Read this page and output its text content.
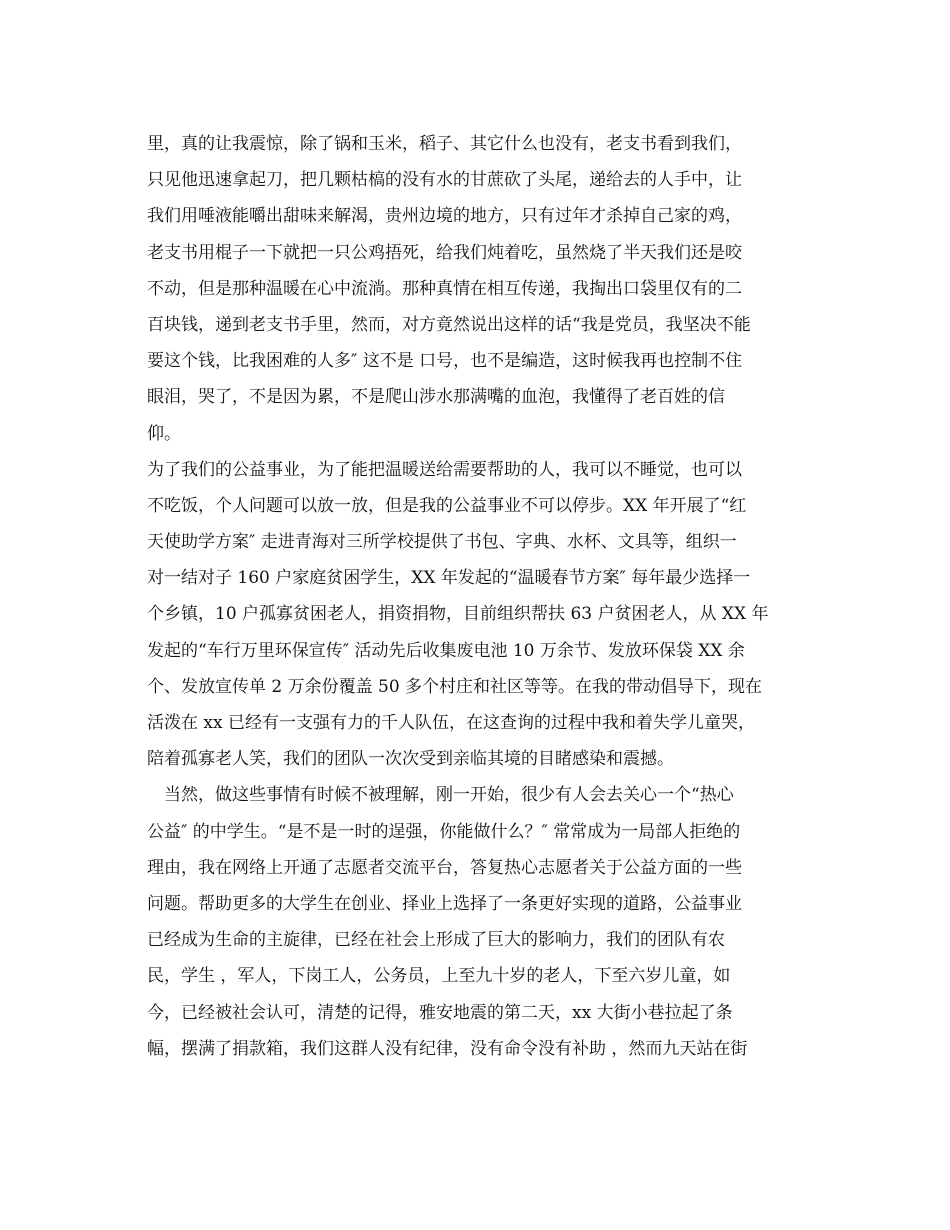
里，真的让我震惊，除了锅和玉米，稻子、其它什么也没有，老支书看到我们，
只见他迅速拿起刀，把几颗枯槁的没有水的甘蔗砍了头尾，递给去的人手中，让
我们用唾液能嚼出甜味来解渴，贵州边境的地方，只有过年才杀掉自己家的鸡，
老支书用棍子一下就把一只公鸡捂死，给我们炖着吃，虽然烧了半天我们还是咬
不动，但是那种温暖在心中流淌。那种真情在相互传递，我掏出口袋里仅有的二
百块钱，递到老支书手里，然而，对方竟然说出这样的话“我是党员，我坚决不能
要这个钱，比我困难的人多″ 这不是 口号，也不是编造，这时候我再也控制不住
眼泪，哭了，不是因为累，不是爬山涉水那满嘴的血泡，我懂得了老百姓的信
仰。
为了我们的公益事业，为了能把温暖送给需要帮助的人，我可以不睡觉，也可以
不吃饭，个人问题可以放一放，但是我的公益事业不可以停步。XX 年开展了“红
天使助学方案″ 走进青海对三所学校提供了书包、字典、水杯、文具等，组织一
对一结对子 160 户家庭贫困学生，XX 年发起的“温暖春节方案″ 每年最少选择一
个乡镇，10 户孤寡贫困老人，捐资捐物，目前组织帮扶 63 户贫困老人，从 XX 年
发起的“车行万里环保宣传″ 活动先后收集废电池 10 万余节、发放环保袋 XX 余
个、发放宣传单 2 万余份覆盖 50 多个村庄和社区等等。在我的带动倡导下，现在
活泼在 xx 已经有一支强有力的千人队伍，在这查询的过程中我和着失学儿童哭，
陪着孤寡老人笑，我们的团队一次次受到亲临其境的目睹感染和震撼。
　当然，做这些事情有时候不被理解，刚一开始，很少有人会去关心一个“热心
公益″ 的中学生。“是不是一时的逞强，你能做什么？″ 常常成为一局部人拒绝的
理由，我在网络上开通了志愿者交流平台，答复热心志愿者关于公益方面的一些
问题。帮助更多的大学生在创业、择业上选择了一条更好实现的道路，公益事业
已经成为生命的主旋律，已经在社会上形成了巨大的影响力，我们的团队有农
民，学生 ，军人，下岗工人，公务员，上至九十岁的老人，下至六岁儿童，如
今，已经被社会认可，清楚的记得，雅安地震的第二天，xx 大街小巷拉起了条
幅，摆满了捐款箱，我们这群人没有纪律，没有命令没有补助 ，然而九天站在街
